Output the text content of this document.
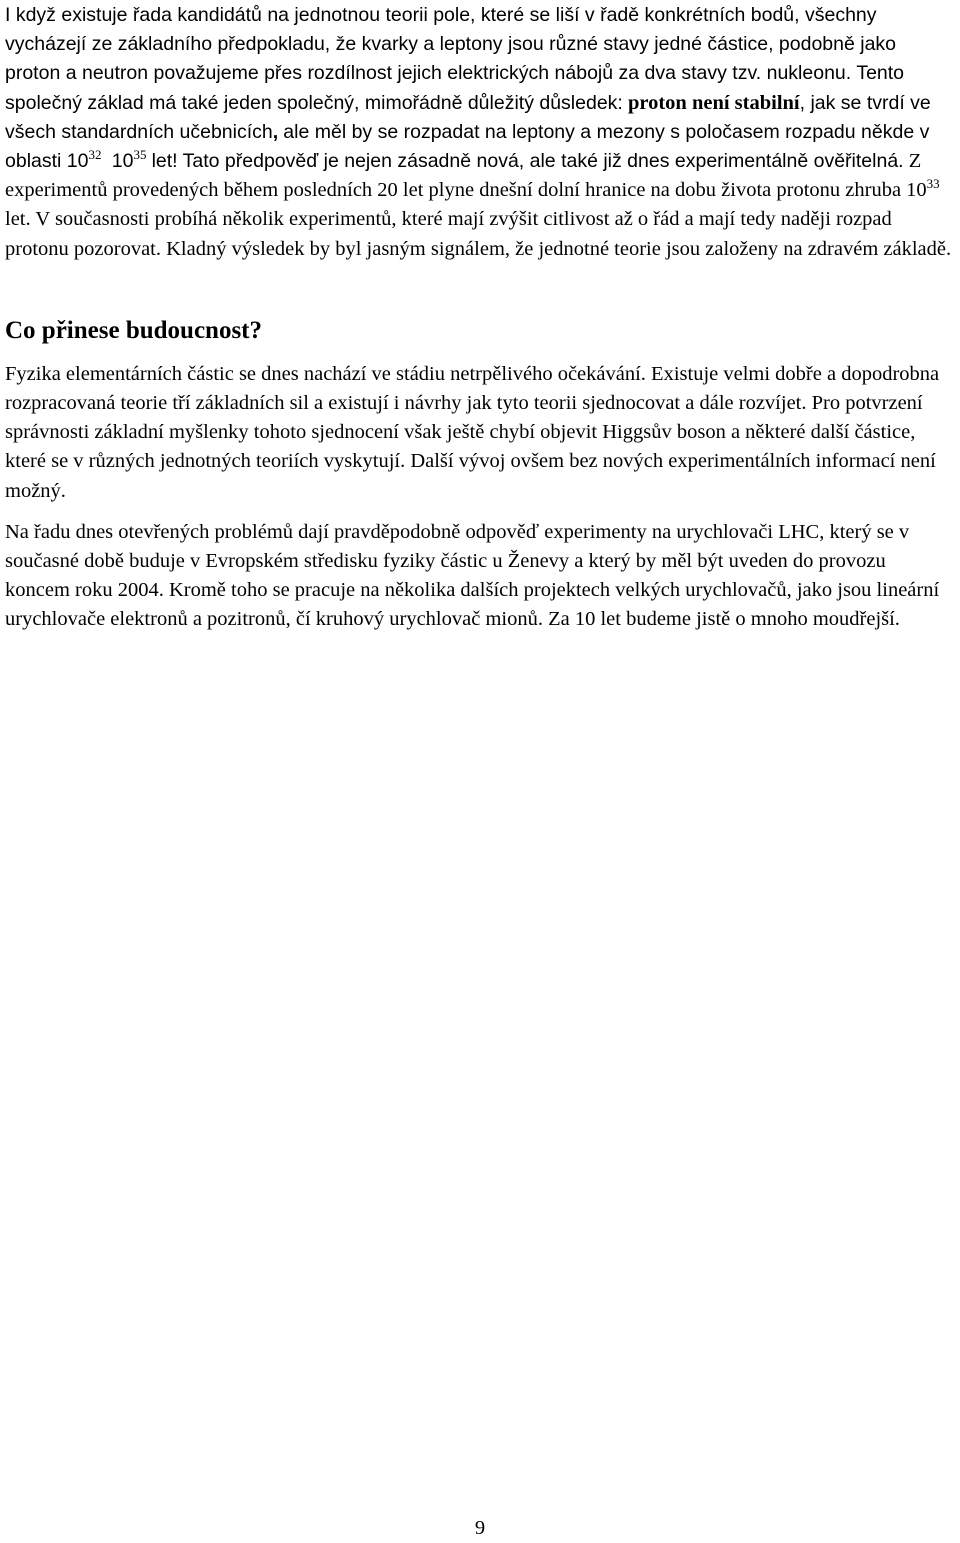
I když existuje řada kandidátů na jednotnou teorii pole, které se liší v řadě konkrétních bodů, všechny vycházejí ze základního předpokladu, že kvarky a leptony jsou různé stavy jedné částice, podobně jako proton a neutron považujeme přes rozdílnost jejich elektrických nábojů za dva stavy tzv. nukleonu. Tento společný základ má také jeden společný, mimořádně důležitý důsledek: proton není stabilní, jak se tvrdí ve všech standardních učebnicích, ale měl by se rozpadat na leptony a mezony s poločasem rozpadu někde v oblasti $10^{32}$ $10^{35}$ let! Tato předpověď je nejen zásadně nová, ale také již dnes experimentálně ověřitelná. Z experimentů provedených během posledních 20 let plyne dnešní dolní hranice na dobu života protonu zhruba $10^{33}$ let. V současnosti probíhá několik experimentů, které mají zvýšit citlivost až o řád a mají tedy naději rozpad protonu pozorovat. Kladný výsledek by byl jasným signálem, že jednotné teorie jsou založeny na zdravém základě.

Co přinese budoucnost?

Fyzika elementárních částic se dnes nachází ve stádiu netrpělivého očekávání. Existuje velmi dobře a dopodrobna rozpracovaná teorie tří základních sil a existují i návrhy jak tyto teorii sjednocovat a dále rozvíjet. Pro potvrzení správnosti základní myšlenky tohoto sjednocení však ještě chybí objevit Higgsův boson a některé další částice, které se v různých jednotných teoriích vyskytují. Další vývoj ovšem bez nových experimentálních informací není možný.

Na řadu dnes otevřených problémů dají pravděpodobně odpověď experimenty na urychlovači LHC, který se v současné době buduje v Evropském středisku fyziky částic u Ženevy a který by měl být uveden do provozu koncem roku 2004. Kromě toho se pracuje na několika dalších projektech velkých urychlovačů, jako jsou lineární urychlovače elektronů a pozitronů, čí kruhový urychlovač mionů. Za 10 let budeme jistě o mnoho moudřejší.

9
